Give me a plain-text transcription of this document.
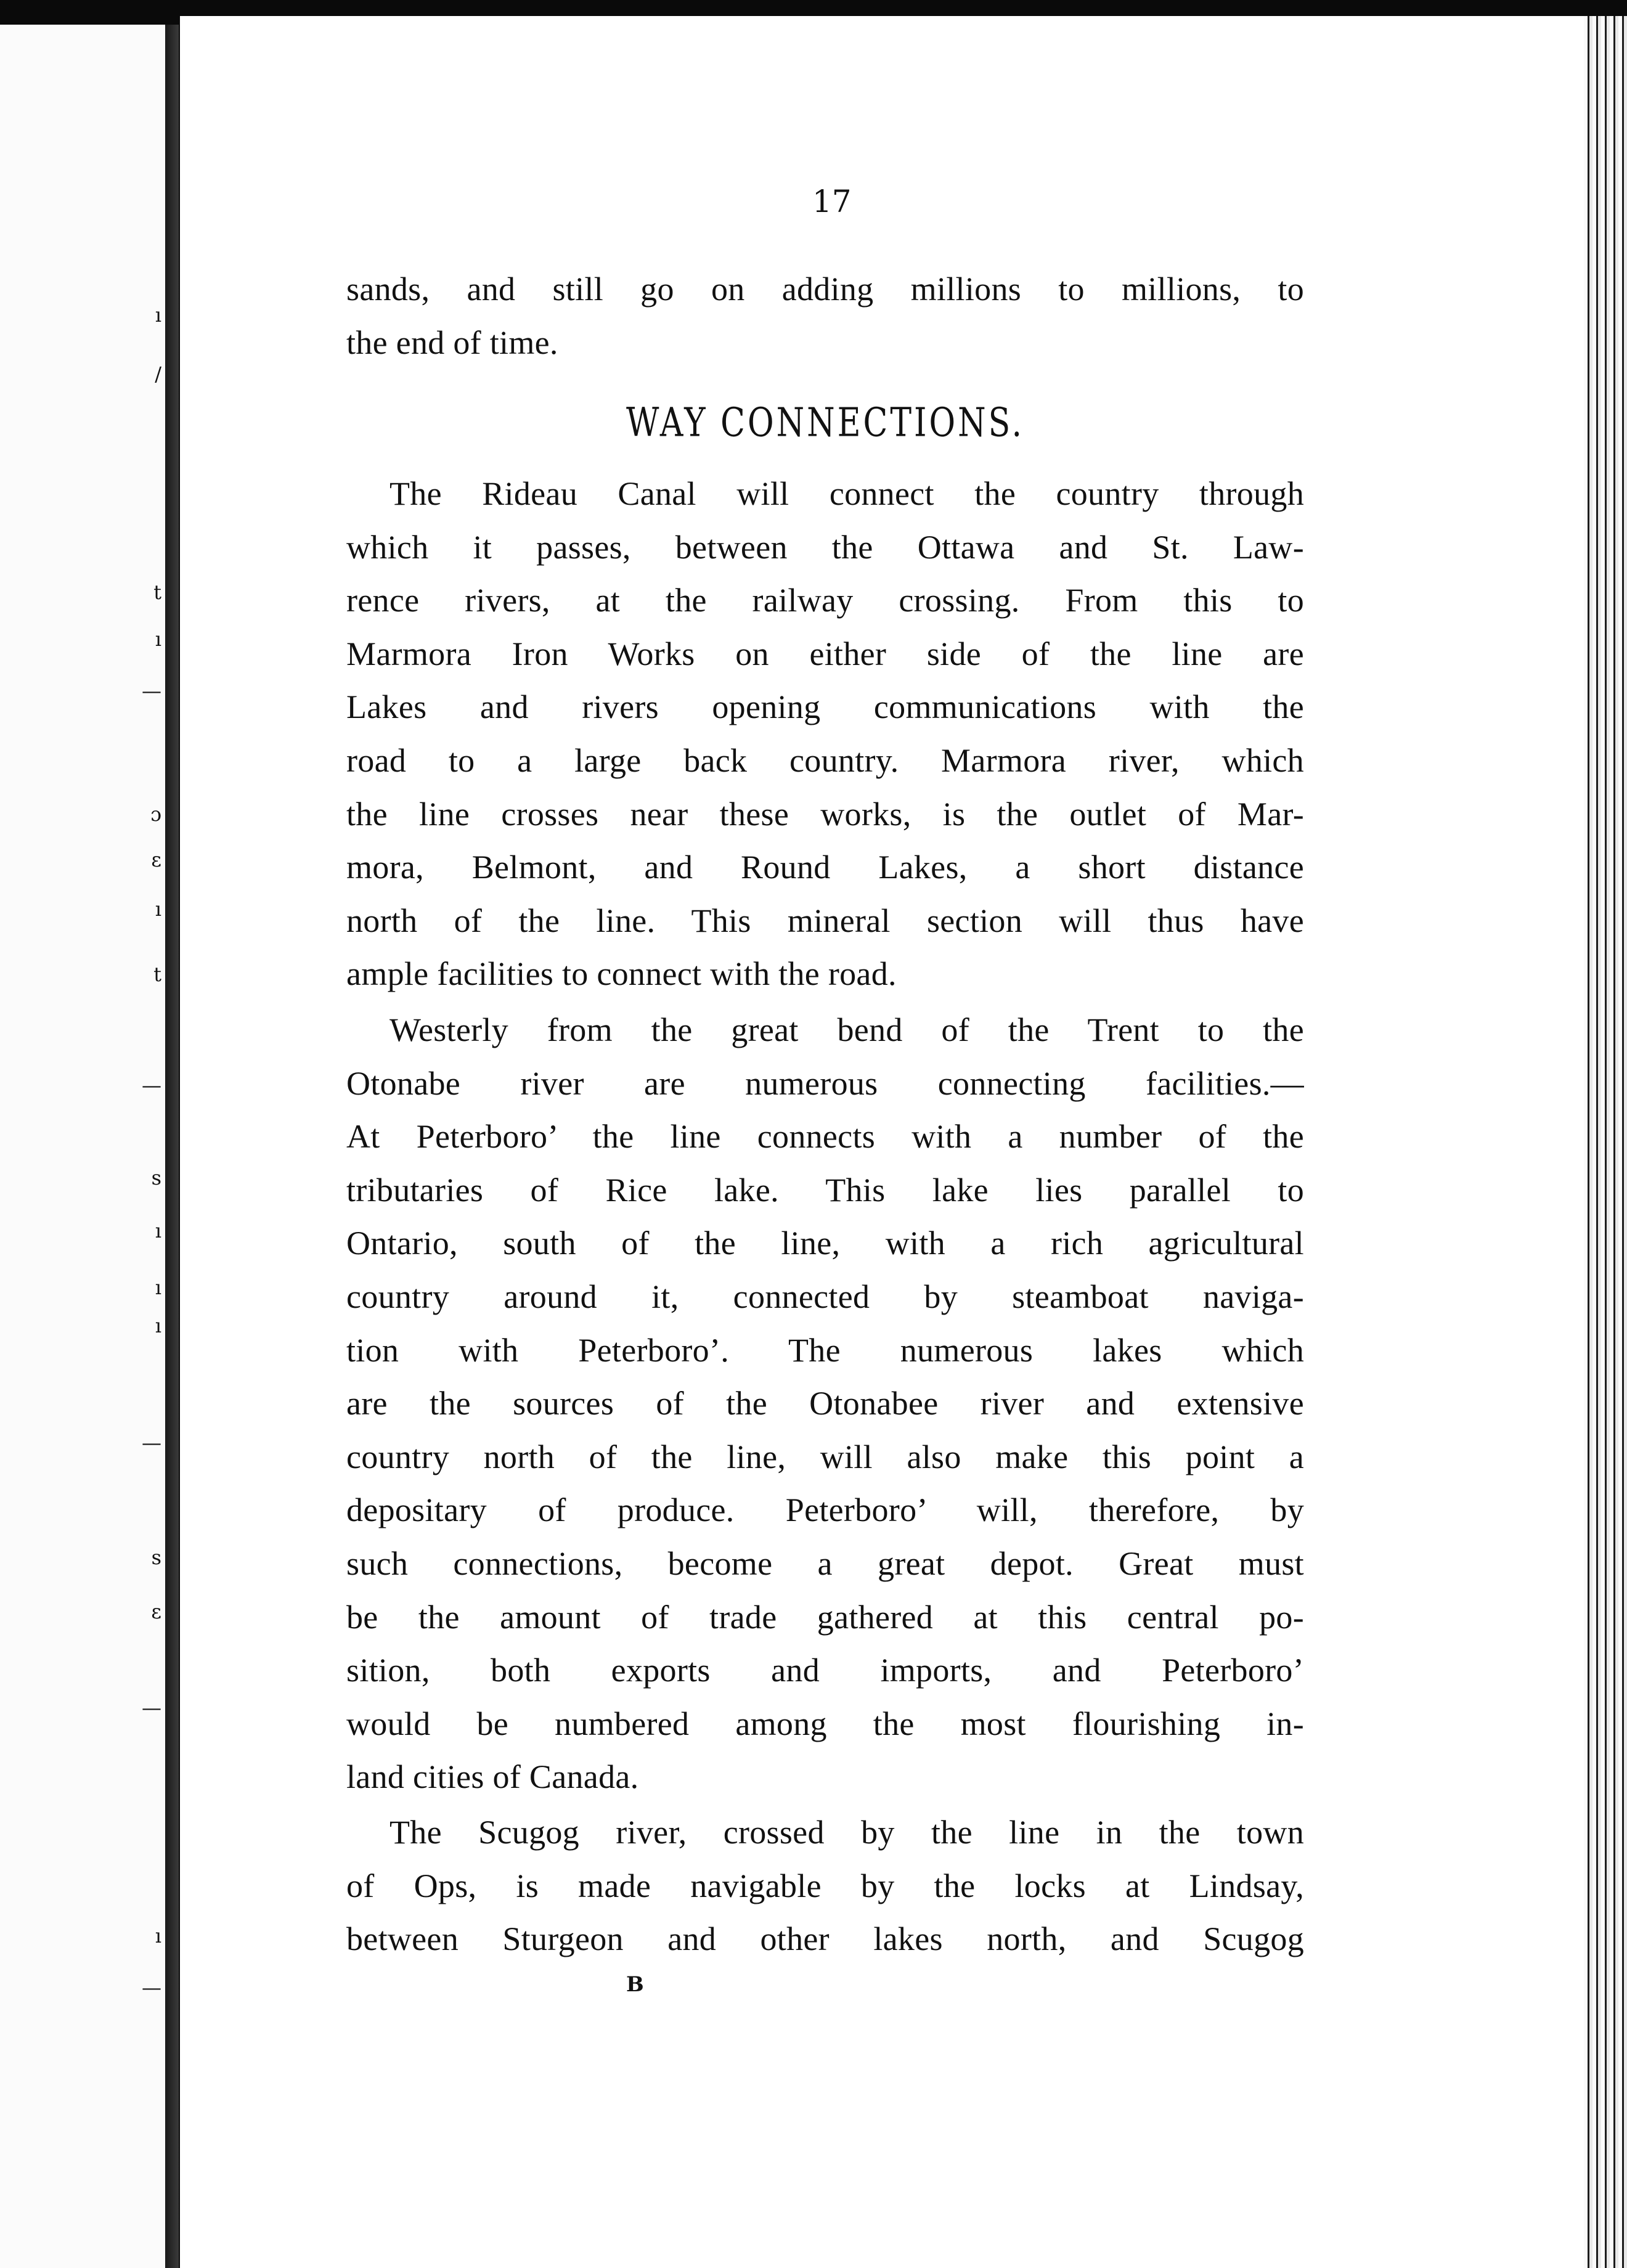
ı
/
t
ı
—
ɔ
ɛ
ı
t
—
s
ı
ı
ı
—
s
ɛ
—
ı
—
17
WAY CONNECTIONS.

sands, and still go on adding millions to millions, to

the end of time.

The Rideau Canal will connect the country through

which it passes, between the Ottawa and St. Law-

rence rivers, at the railway crossing. From this to

Marmora Iron Works on either side of the line are

Lakes and rivers opening communications with the

road to a large back country. Marmora river, which

the line crosses near these works, is the outlet of Mar-

mora, Belmont, and Round Lakes, a short distance

north of the line. This mineral section will thus have

ample facilities to connect with the road.

Westerly from the great bend of the Trent to the

Otonabe river are numerous connecting facilities.—

At Peterboro’ the line connects with a number of the

tributaries of Rice lake. This lake lies parallel to

Ontario, south of the line, with a rich agricultural

country around it, connected by steamboat naviga-

tion with Peterboro’. The numerous lakes which

are the sources of the Otonabee river and extensive

country north of the line, will also make this point a

depositary of produce. Peterboro’ will, therefore, by

such connections, become a great depot. Great must

be the amount of trade gathered at this central po-

sition, both exports and imports, and Peterboro’

would be numbered among the most flourishing in-

land cities of Canada.

The Scugog river, crossed by the line in the town

of Ops, is made navigable by the locks at Lindsay,

between Sturgeon and other lakes north, and Scugog

B
